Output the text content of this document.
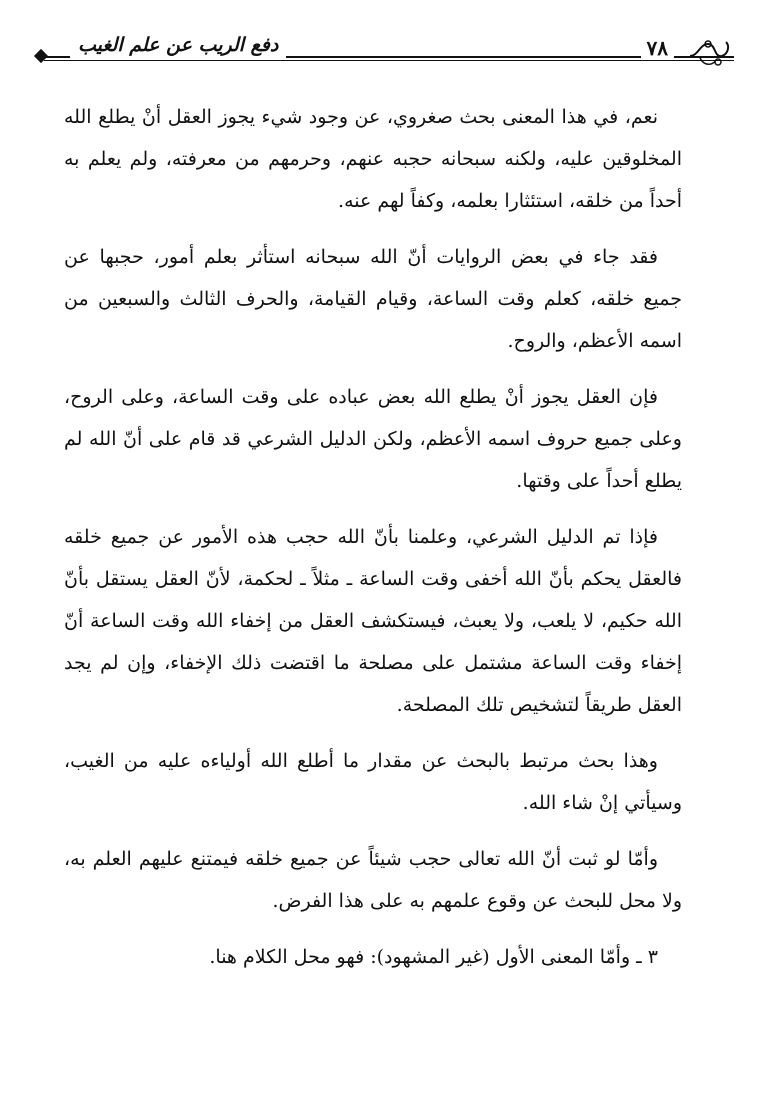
دفع الريب عن علم الغيب	٧٨

نعم، في هذا المعنى بحث صغروي، عن وجود شيء يجوز العقل أنْ يطلع الله المخلوقين عليه، ولكنه سبحانه حجبه عنهم، وحرمهم من معرفته، ولم يعلم به أحداً من خلقه، استئثارا بعلمه، وكفاً لهم عنه.

فقد جاء في بعض الروايات أنّ الله سبحانه استأثر بعلم أمور، حجبها عن جميع خلقه، كعلم وقت الساعة، وقيام القيامة، والحرف الثالث والسبعين من اسمه الأعظم، والروح.

فإن العقل يجوز أنْ يطلع الله بعض عباده على وقت الساعة، وعلى الروح، وعلى جميع حروف اسمه الأعظم، ولكن الدليل الشرعي قد قام على أنّ الله لم يطلع أحداً على وقتها.

فإذا تم الدليل الشرعي، وعلمنا بأنّ الله حجب هذه الأمور عن جميع خلقه فالعقل يحكم بأنّ الله أخفى وقت الساعة ـ مثلاً ـ لحكمة، لأنّ العقل يستقل بأنّ الله حكيم، لا يلعب، ولا يعبث، فيستكشف العقل من إخفاء الله وقت الساعة أنّ إخفاء وقت الساعة مشتمل على مصلحة ما اقتضت ذلك الإخفاء، وإن لم يجد العقل طريقاً لتشخيص تلك المصلحة.

وهذا بحث مرتبط بالبحث عن مقدار ما أطلع الله أولياءه عليه من الغيب، وسيأتي إنْ شاء الله.

وأمّا لو ثبت أنّ الله تعالى حجب شيئاً عن جميع خلقه فيمتنع عليهم العلم به، ولا محل للبحث عن وقوع علمهم به على هذا الفرض.

٣ ـ وأمّا المعنى الأول (غير المشهود): فهو محل الكلام هنا.
